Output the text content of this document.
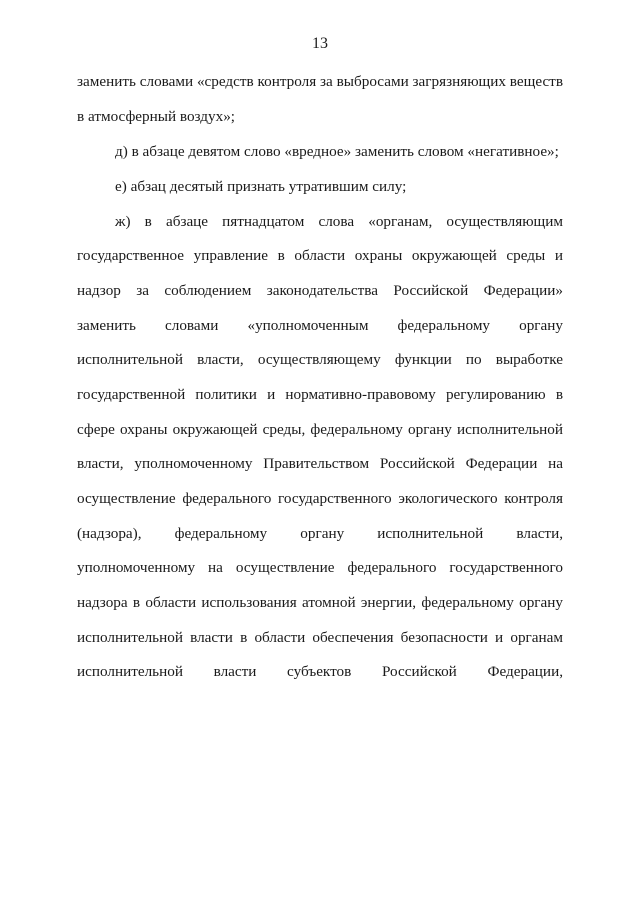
13
заменить словами «средств контроля за выбросами загрязняющих веществ
в атмосферный воздух»;
д) в абзаце девятом слово «вредное» заменить словом «негативное»;
е) абзац десятый признать утратившим силу;
ж) в абзаце пятнадцатом слова «органам, осуществляющим
государственное управление в области охраны окружающей среды и
надзор за соблюдением законодательства Российской Федерации»
заменить словами «уполномоченным федеральному органу
исполнительной власти, осуществляющему функции по выработке
государственной политики и нормативно-правовому регулированию в
сфере охраны окружающей среды, федеральному органу исполнительной
власти, уполномоченному Правительством Российской Федерации на
осуществление федерального государственного экологического контроля
(надзора), федеральному органу исполнительной власти,
уполномоченному на осуществление федерального государственного
надзора в области использования атомной энергии, федеральному органу
исполнительной власти в области обеспечения безопасности и органам
исполнительной власти субъектов Российской Федерации,
